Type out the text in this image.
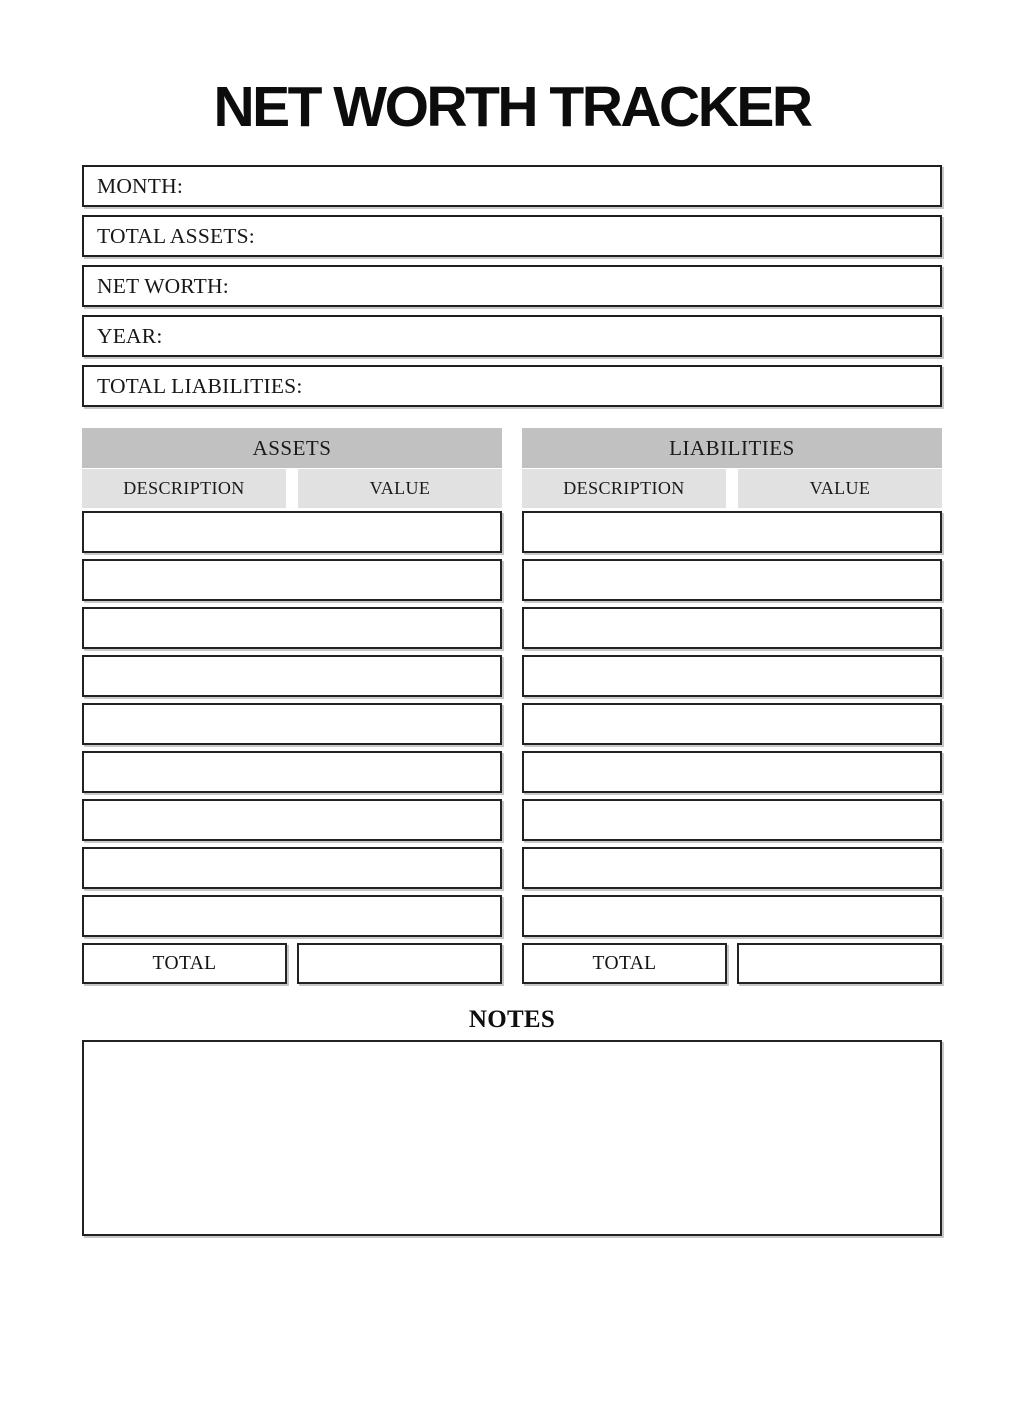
NET WORTH TRACKER
MONTH:
TOTAL ASSETS:
NET WORTH:
YEAR:
TOTAL LIABILITIES:
ASSETS
DESCRIPTION	VALUE
TOTAL
LIABILITIES
DESCRIPTION	VALUE
TOTAL
NOTES
